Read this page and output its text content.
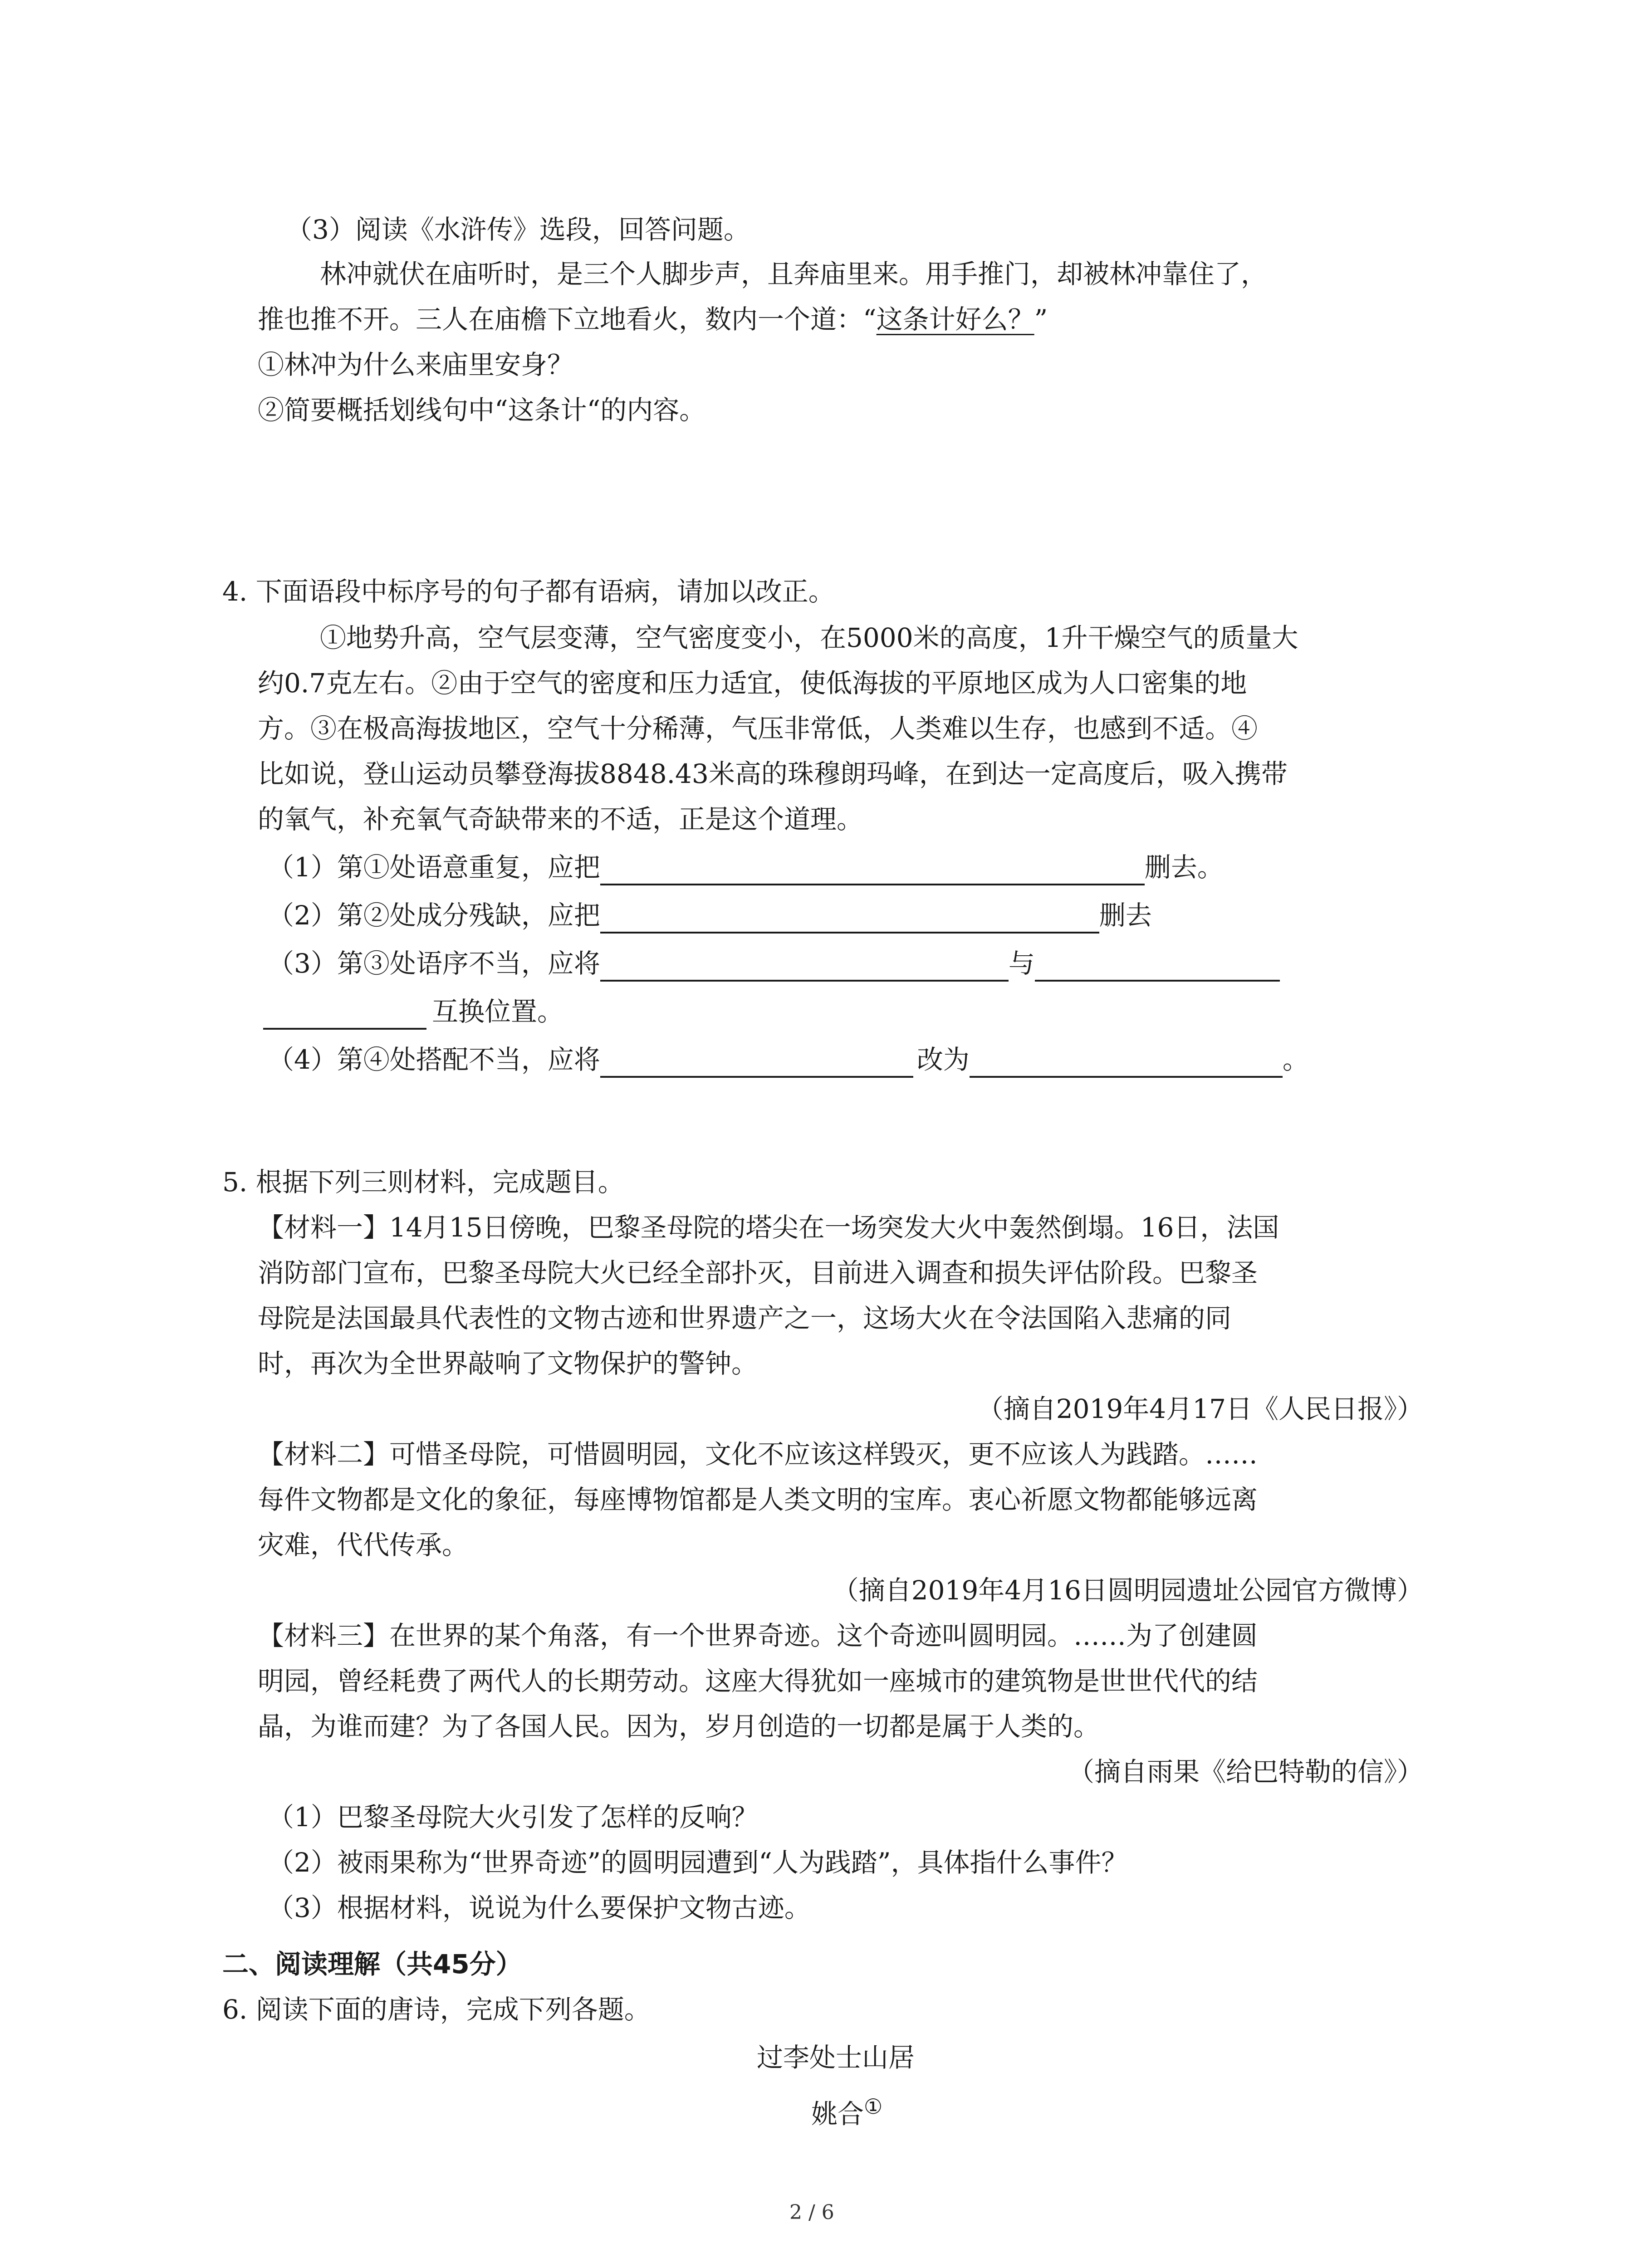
（3）阅读《水浒传》选段，回答问题。
林冲就伏在庙听时，是三个人脚步声，且奔庙里来。用手推门，却被林冲靠住了，
推也推不开。三人在庙檐下立地看火，数内一个道：“这条计好么？”
①林冲为什么来庙里安身？
②简要概括划线句中“这条计“的内容。
4. 下面语段中标序号的句子都有语病，请加以改正。
①地势升高，空气层变薄，空气密度变小，在5000米的高度，1升干燥空气的质量大
约0.7克左右。②由于空气的密度和压力适宜，使低海拔的平原地区成为人口密集的地
方。③在极高海拔地区，空气十分稀薄，气压非常低，人类难以生存，也感到不适。④
比如说，登山运动员攀登海拔8848.43米高的珠穆朗玛峰，在到达一定高度后，吸入携带
的氧气，补充氧气奇缺带来的不适，正是这个道理。
（1）第①处语意重复，应把	删去。
（2）第②处成分残缺，应把	删去
（3）第③处语序不当，应将	与
互换位置。
（4）第④处搭配不当，应将	改为	。
5. 根据下列三则材料，完成题目。
【材料一】14月15日傍晚，巴黎圣母院的塔尖在一场突发大火中轰然倒塌。16日，法国
消防部门宣布，巴黎圣母院大火已经全部扑灭，目前进入调查和损失评估阶段。巴黎圣
母院是法国最具代表性的文物古迹和世界遗产之一，这场大火在令法国陷入悲痛的同
时，再次为全世界敲响了文物保护的警钟。
（摘自2019年4月17日《人民日报》）
【材料二】可惜圣母院，可惜圆明园，文化不应该这样毁灭，更不应该人为践踏。……
每件文物都是文化的象征，每座博物馆都是人类文明的宝库。衷心祈愿文物都能够远离
灾难，代代传承。
（摘自2019年4月16日圆明园遗址公园官方微博）
【材料三】在世界的某个角落，有一个世界奇迹。这个奇迹叫圆明园。……为了创建圆
明园，曾经耗费了两代人的长期劳动。这座大得犹如一座城市的建筑物是世世代代的结
晶，为谁而建？为了各国人民。因为，岁月创造的一切都是属于人类的。
（摘自雨果《给巴特勒的信》）
（1）巴黎圣母院大火引发了怎样的反响？
（2）被雨果称为“世界奇迹”的圆明园遭到“人为践踏”，具体指什么事件？
（3）根据材料，说说为什么要保护文物古迹。
二、阅读理解（共45分）
6. 阅读下面的唐诗，完成下列各题。
过李处士山居
姚合①
2 / 6
